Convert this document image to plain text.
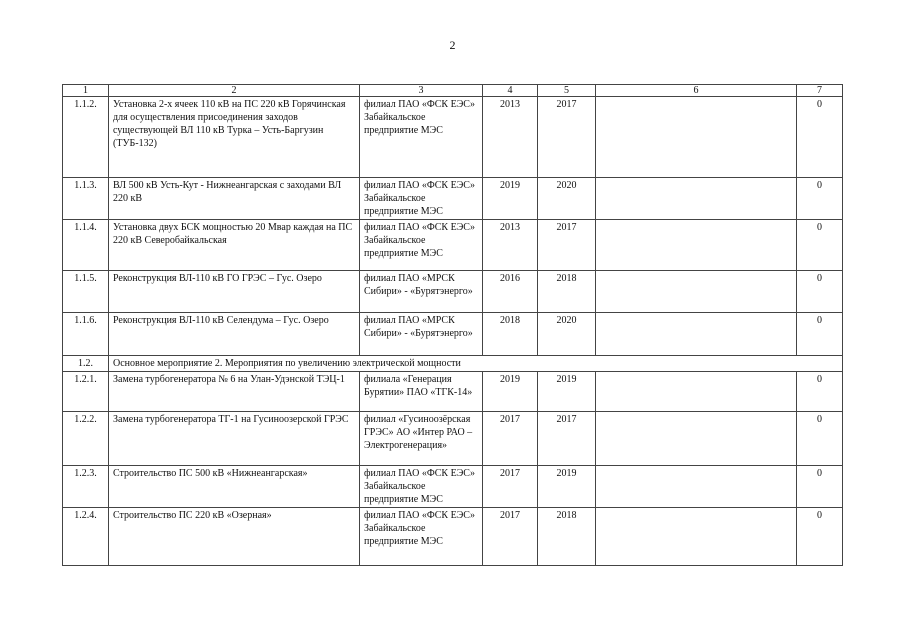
2
1	2	3	4	5	6	7
1.1.2.	Установка 2-х ячеек 110 кВ на ПС 220 кВ Горячинская для осуществления присоединения заходов существующей ВЛ 110 кВ Турка – Усть-Баргузин (ТУБ-132)	филиал ПАО «ФСК ЕЭС» Забайкальское предприятие МЭС	2013	2017		0
1.1.3.	ВЛ 500 кВ Усть-Кут - Нижнеангарская с заходами ВЛ 220 кВ	филиал ПАО «ФСК ЕЭС» Забайкальское предприятие МЭС	2019	2020		0
1.1.4.	Установка двух БСК мощностью 20 Мвар каждая на ПС 220 кВ Северобайкальская	филиал ПАО «ФСК ЕЭС» Забайкальское предприятие МЭС	2013	2017		0
1.1.5.	Реконструкция ВЛ-110 кВ ГО ГРЭС – Гус. Озеро	филиал ПАО «МРСК Сибири» - «Бурятэнерго»	2016	2018		0
1.1.6.	Реконструкция ВЛ-110 кВ Селендума – Гус. Озеро	филиал ПАО «МРСК Сибири» - «Бурятэнерго»	2018	2020		0
1.2.	Основное мероприятие 2. Мероприятия по увеличению электрической мощности					
1.2.1.	Замена турбогенератора № 6 на Улан-Удэнской ТЭЦ-1	филиала «Генерация Бурятии» ПАО «ТГК-14»	2019	2019		0
1.2.2.	Замена турбогенератора ТГ-1 на Гусиноозерской ГРЭС	филиал «Гусиноозёрская ГРЭС» АО «Интер РАО – Электрогенерация»	2017	2017		0
1.2.3.	Строительство ПС 500 кВ «Нижнеангарская»	филиал ПАО «ФСК ЕЭС» Забайкальское предприятие МЭС	2017	2019		0
1.2.4.	Строительство ПС 220 кВ «Озерная»	филиал ПАО «ФСК ЕЭС» Забайкальское предприятие МЭС	2017	2018		0
